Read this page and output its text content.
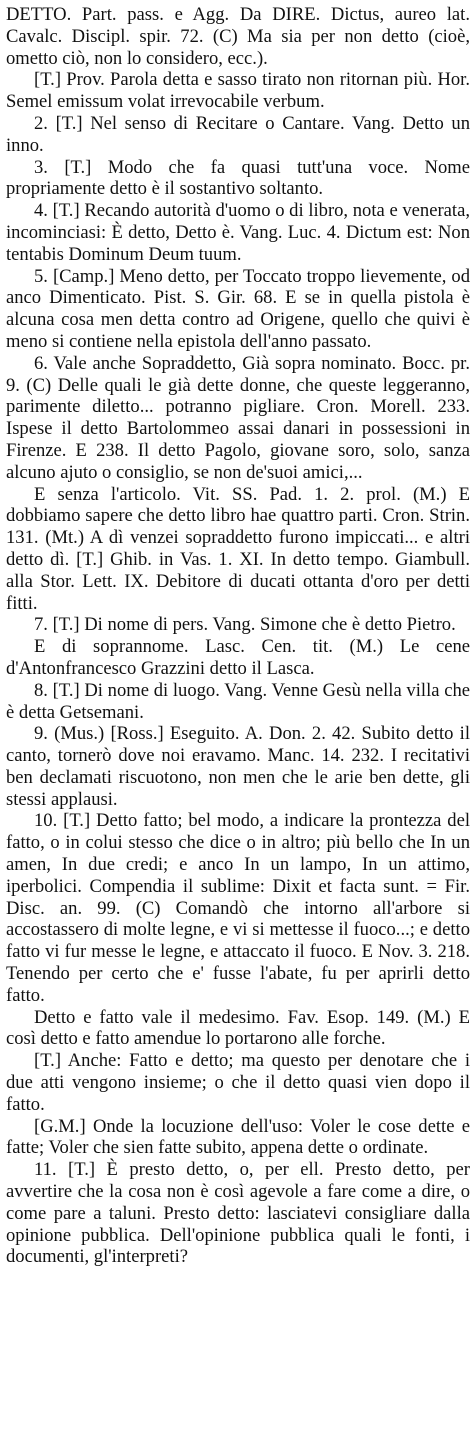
DETTO. Part. pass. e Agg. Da DIRE. Dictus, aureo lat. Cavalc. Discipl. spir. 72. (C) Ma sia per non detto (cioè, ometto ciò, non lo considero, ecc.).

[T.] Prov. Parola detta e sasso tirato non ritornan più. Hor. Semel emissum volat irrevocabile verbum.

2. [T.] Nel senso di Recitare o Cantare. Vang. Detto un inno.

3. [T.] Modo che fa quasi tutt'una voce. Nome propriamente detto è il sostantivo soltanto.

4. [T.] Recando autorità d'uomo o di libro, nota e venerata, incominciasi: È detto, Detto è. Vang. Luc. 4. Dictum est: Non tentabis Dominum Deum tuum.

5. [Camp.] Meno detto, per Toccato troppo lievemente, od anco Dimenticato. Pist. S. Gir. 68. E se in quella pistola è alcuna cosa men detta contro ad Origene, quello che quivi è meno si contiene nella epistola dell'anno passato.

6. Vale anche Sopraddetto, Già sopra nominato. Bocc. pr. 9. (C) Delle quali le già dette donne, che queste leggeranno, parimente diletto... potranno pigliare. Cron. Morell. 233. Ispese il detto Bartolommeo assai danari in possessioni in Firenze. E 238. Il detto Pagolo, giovane soro, solo, sanza alcuno ajuto o consiglio, se non de'suoi amici,...

E senza l'articolo. Vit. SS. Pad. 1. 2. prol. (M.) E dobbiamo sapere che detto libro hae quattro parti. Cron. Strin. 131. (Mt.) A dì venzei sopraddetto furono impiccati... e altri detto dì. [T.] Ghib. in Vas. 1. XI. In detto tempo. Giambull. alla Stor. Lett. IX. Debitore di ducati ottanta d'oro per detti fitti.

7. [T.] Di nome di pers. Vang. Simone che è detto Pietro.

E di soprannome. Lasc. Cen. tit. (M.) Le cene d'Antonfrancesco Grazzini detto il Lasca.

8. [T.] Di nome di luogo. Vang. Venne Gesù nella villa che è detta Getsemani.

9. (Mus.) [Ross.] Eseguito. A. Don. 2. 42. Subito detto il canto, tornerò dove noi eravamo. Manc. 14. 232. I recitativi ben declamati riscuotono, non men che le arie ben dette, gli stessi applausi.

10. [T.] Detto fatto; bel modo, a indicare la prontezza del fatto, o in colui stesso che dice o in altro; più bello che In un amen, In due credi; e anco In un lampo, In un attimo, iperbolici. Compendia il sublime: Dixit et facta sunt. = Fir. Disc. an. 99. (C) Comandò che intorno all'arbore si accostassero di molte legne, e vi si mettesse il fuoco...; e detto fatto vi fur messe le legne, e attaccato il fuoco. E Nov. 3. 218. Tenendo per certo che e' fusse l'abate, fu per aprirli detto fatto.

Detto e fatto vale il medesimo. Fav. Esop. 149. (M.) E così detto e fatto amendue lo portarono alle forche.

[T.] Anche: Fatto e detto; ma questo per denotare che i due atti vengono insieme; o che il detto quasi vien dopo il fatto.

[G.M.] Onde la locuzione dell'uso: Voler le cose dette e fatte; Voler che sien fatte subito, appena dette o ordinate.

11. [T.] È presto detto, o, per ell. Presto detto, per avvertire che la cosa non è così agevole a fare come a dire, o come pare a taluni. Presto detto: lasciatevi consigliare dalla opinione pubblica. Dell'opinione pubblica quali le fonti, i documenti, gl'interpreti?
